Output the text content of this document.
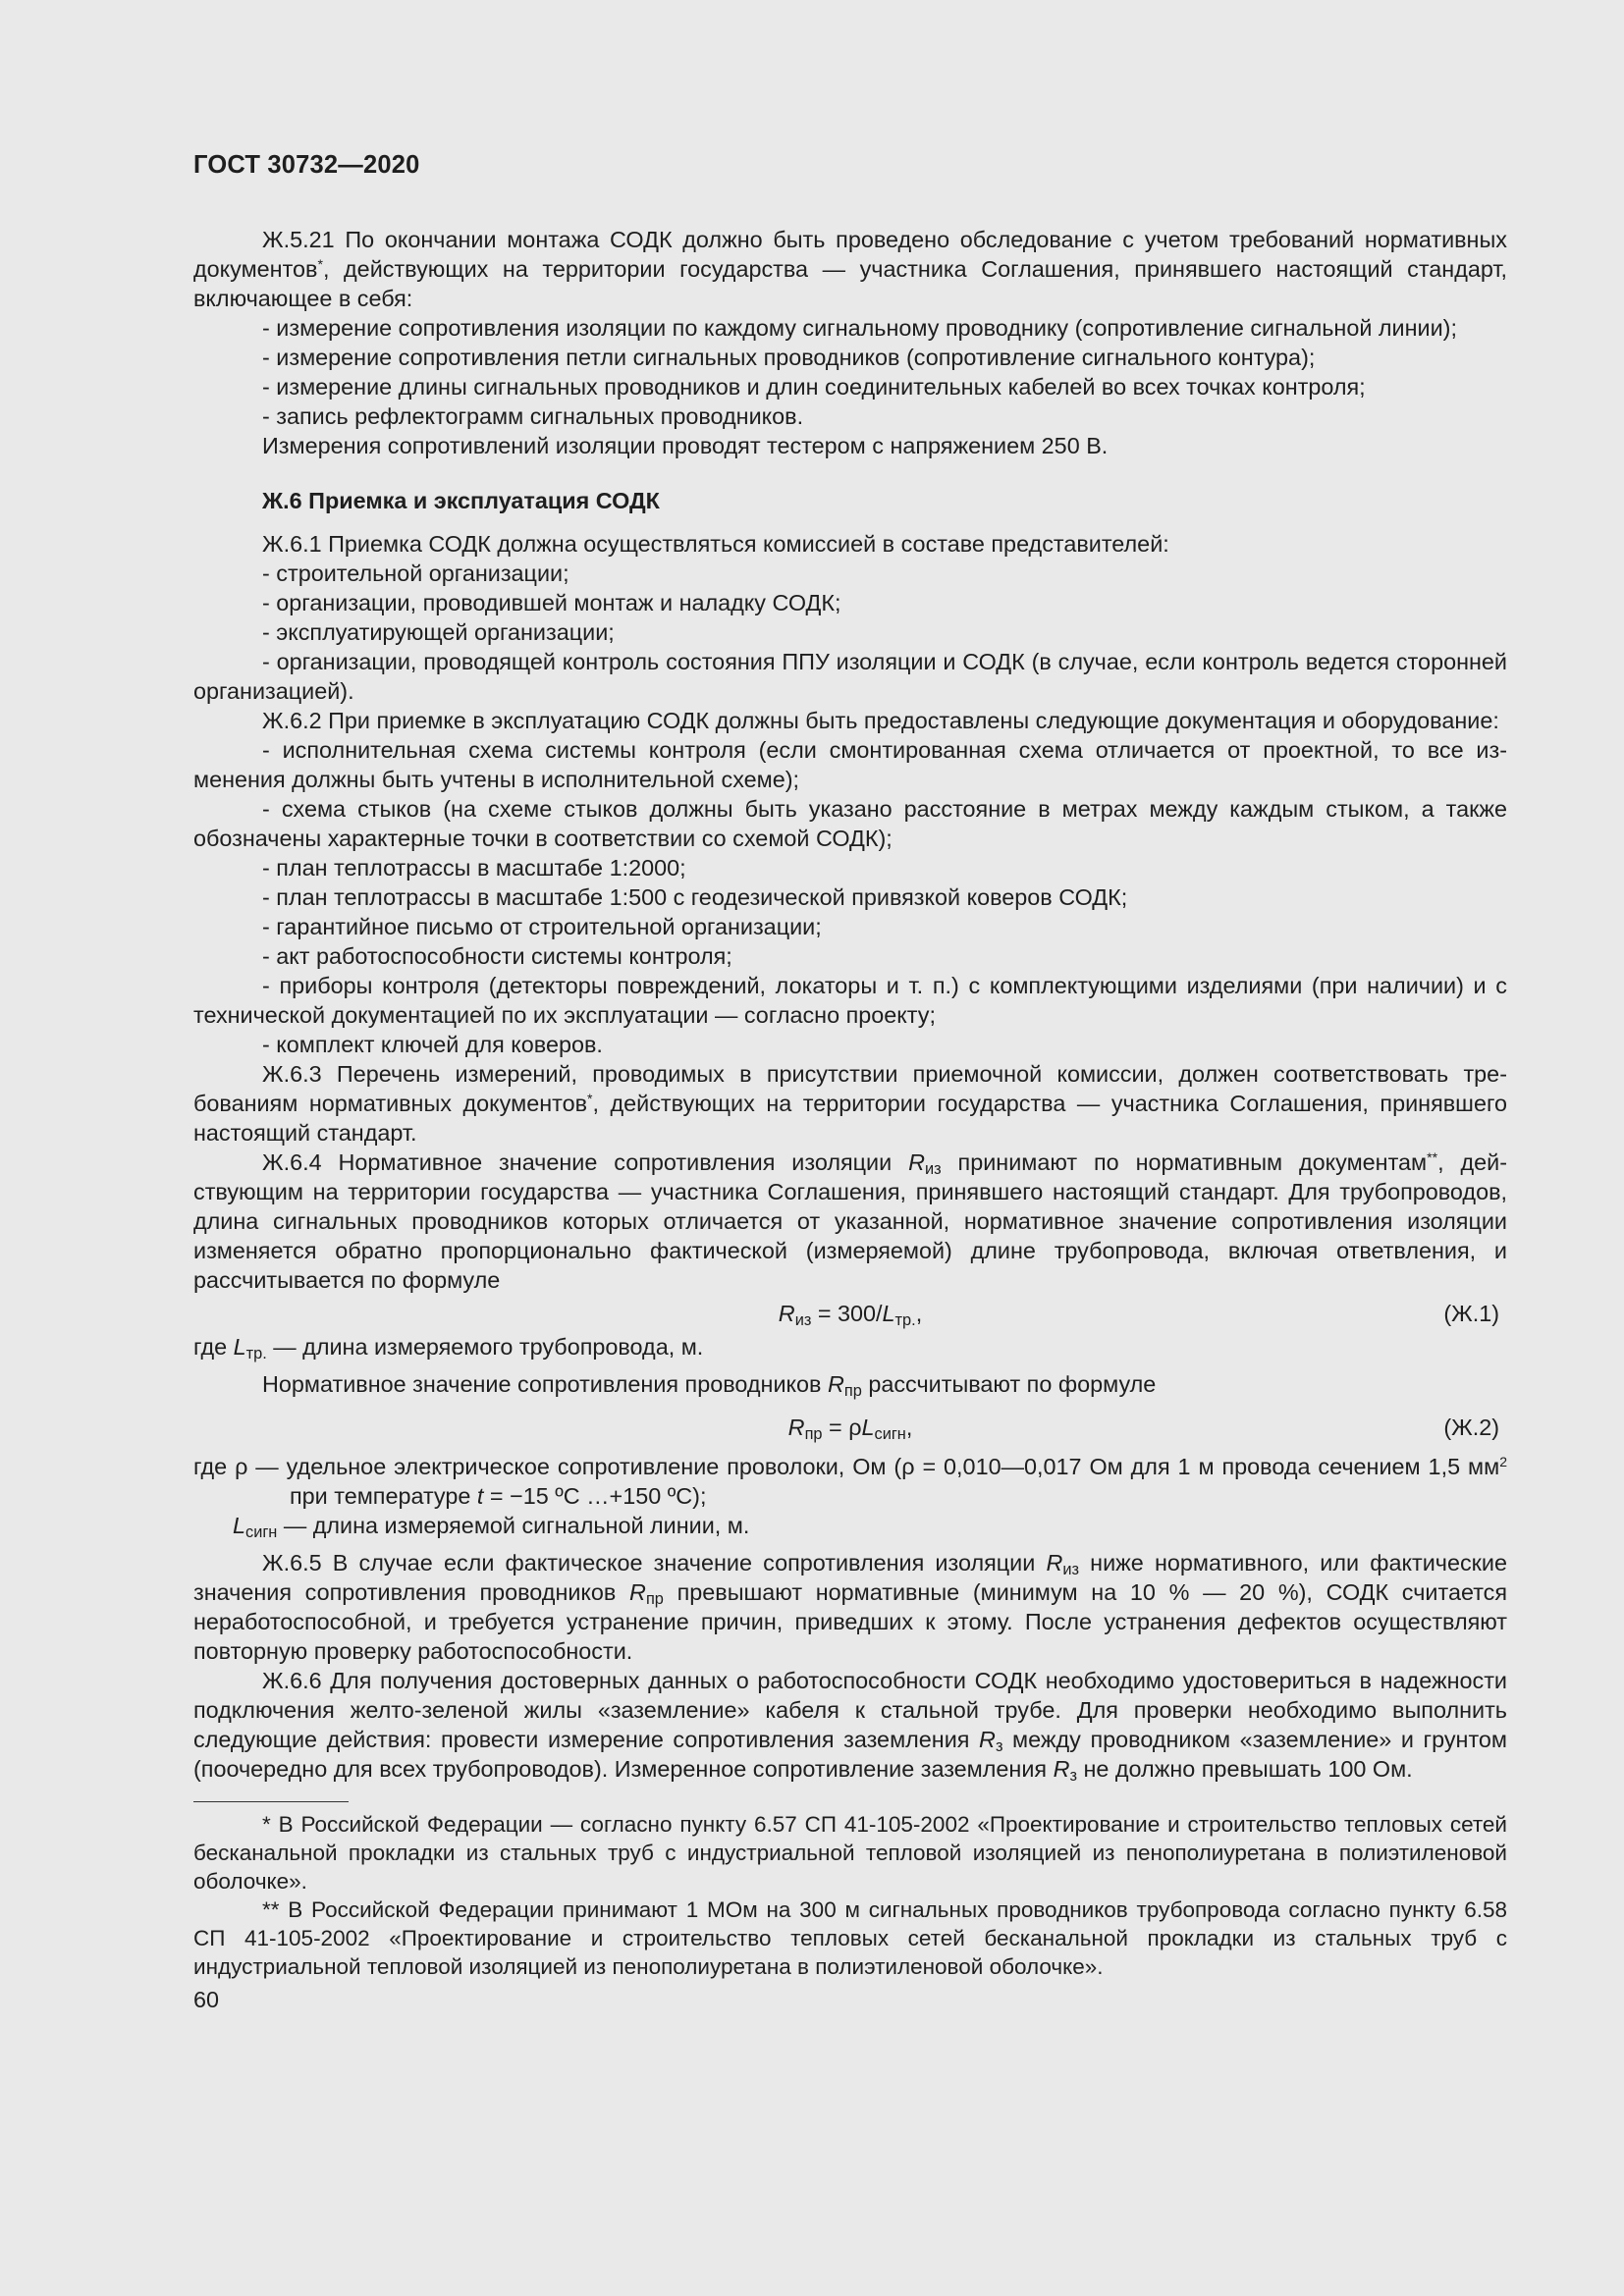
ГОСТ 30732—2020

Ж.5.21 По окончании монтажа СОДК должно быть проведено обследование с учетом требований нормативных документов*, действующих на территории государства — участника Соглашения, принявшего настоящий стандарт, включающее в себя:

- измерение сопротивления изоляции по каждому сигнальному проводнику (сопротивление сигнальной линии);

- измерение сопротивления петли сигнальных проводников (сопротивление сигнального контура);

- измерение длины сигнальных проводников и длин соединительных кабелей во всех точках контроля;

- запись рефлектограмм сигнальных проводников.

Измерения сопротивлений изоляции проводят тестером с напряжением 250 В.

Ж.6 Приемка и эксплуатация СОДК

Ж.6.1 Приемка СОДК должна осуществляться комиссией в составе представителей:

- строительной организации;

- организации, проводившей монтаж и наладку СОДК;

- эксплуатирующей организации;

- организации, проводящей контроль состояния ППУ изоляции и СОДК (в случае, если контроль ведется сторонней организацией).

Ж.6.2 При приемке в эксплуатацию СОДК должны быть предоставлены следующие документация и оборудование:

- исполнительная схема системы контроля (если смонтированная схема отличается от проектной, то все изменения должны быть учтены в исполнительной схеме);

- схема стыков (на схеме стыков должны быть указано расстояние в метрах между каждым стыком, а также обозначены характерные точки в соответствии со схемой СОДК);

- план теплотрассы в масштабе 1:2000;

- план теплотрассы в масштабе 1:500 с геодезической привязкой коверов СОДК;

- гарантийное письмо от строительной организации;

- акт работоспособности системы контроля;

- приборы контроля (детекторы повреждений, локаторы и т. п.) с комплектующими изделиями (при наличии) и с технической документацией по их эксплуатации — согласно проекту;

- комплект ключей для коверов.

Ж.6.3 Перечень измерений, проводимых в присутствии приемочной комиссии, должен соответствовать требованиям нормативных документов*, действующих на территории государства — участника Соглашения, принявшего настоящий стандарт.

Ж.6.4 Нормативное значение сопротивления изоляции $R_{из}$ принимают по нормативным документам**, действующим на территории государства — участника Соглашения, принявшего настоящий стандарт. Для трубопроводов, длина сигнальных проводников которых отличается от указанной, нормативное значение сопротивления изоляции изменяется обратно пропорционально фактической (измеряемой) длине трубопровода, включая ответвления, и рассчитывается по формуле

$R_{из} = 300/L_{тр.}$,	(Ж.1)

где $L_{тр.}$ — длина измеряемого трубопровода, м.

Нормативное значение сопротивления проводников $R_{пр}$ рассчитывают по формуле

$R_{пр} = \rho L_{сигн}$,	(Ж.2)

где ρ — удельное электрическое сопротивление проволоки, Ом (ρ = 0,010—0,017 Ом для 1 м провода сечением 1,5 $мм^2$ при температуре t = −15 ºС …+150 ºС);

$L_{сигн}$ — длина измеряемой сигнальной линии, м.

Ж.6.5 В случае если фактическое значение сопротивления изоляции $R_{из}$ ниже нормативного, или фактические значения сопротивления проводников $R_{пр}$ превышают нормативные (минимум на 10 % — 20 %), СОДК считается неработоспособной, и требуется устранение причин, приведших к этому. После устранения дефектов осуществляют повторную проверку работоспособности.

Ж.6.6 Для получения достоверных данных о работоспособности СОДК необходимо удостовериться в надежности подключения желто-зеленой жилы «заземление» кабеля к стальной трубе. Для проверки необходимо выполнить следующие действия: провести измерение сопротивления заземления $R_з$ между проводником «заземление» и грунтом (поочередно для всех трубопроводов). Измеренное сопротивление заземления $R_з$ не должно превышать 100 Ом.

* В Российской Федерации — согласно пункту 6.57 СП 41-105-2002 «Проектирование и строительство тепловых сетей бесканальной прокладки из стальных труб с индустриальной тепловой изоляцией из пенополиуретана в полиэтиленовой оболочке».

** В Российской Федерации принимают 1 МОм на 300 м сигнальных проводников трубопровода согласно пункту 6.58 СП 41-105-2002 «Проектирование и строительство тепловых сетей бесканальной прокладки из стальных труб с индустриальной тепловой изоляцией из пенополиуретана в полиэтиленовой оболочке».

60
